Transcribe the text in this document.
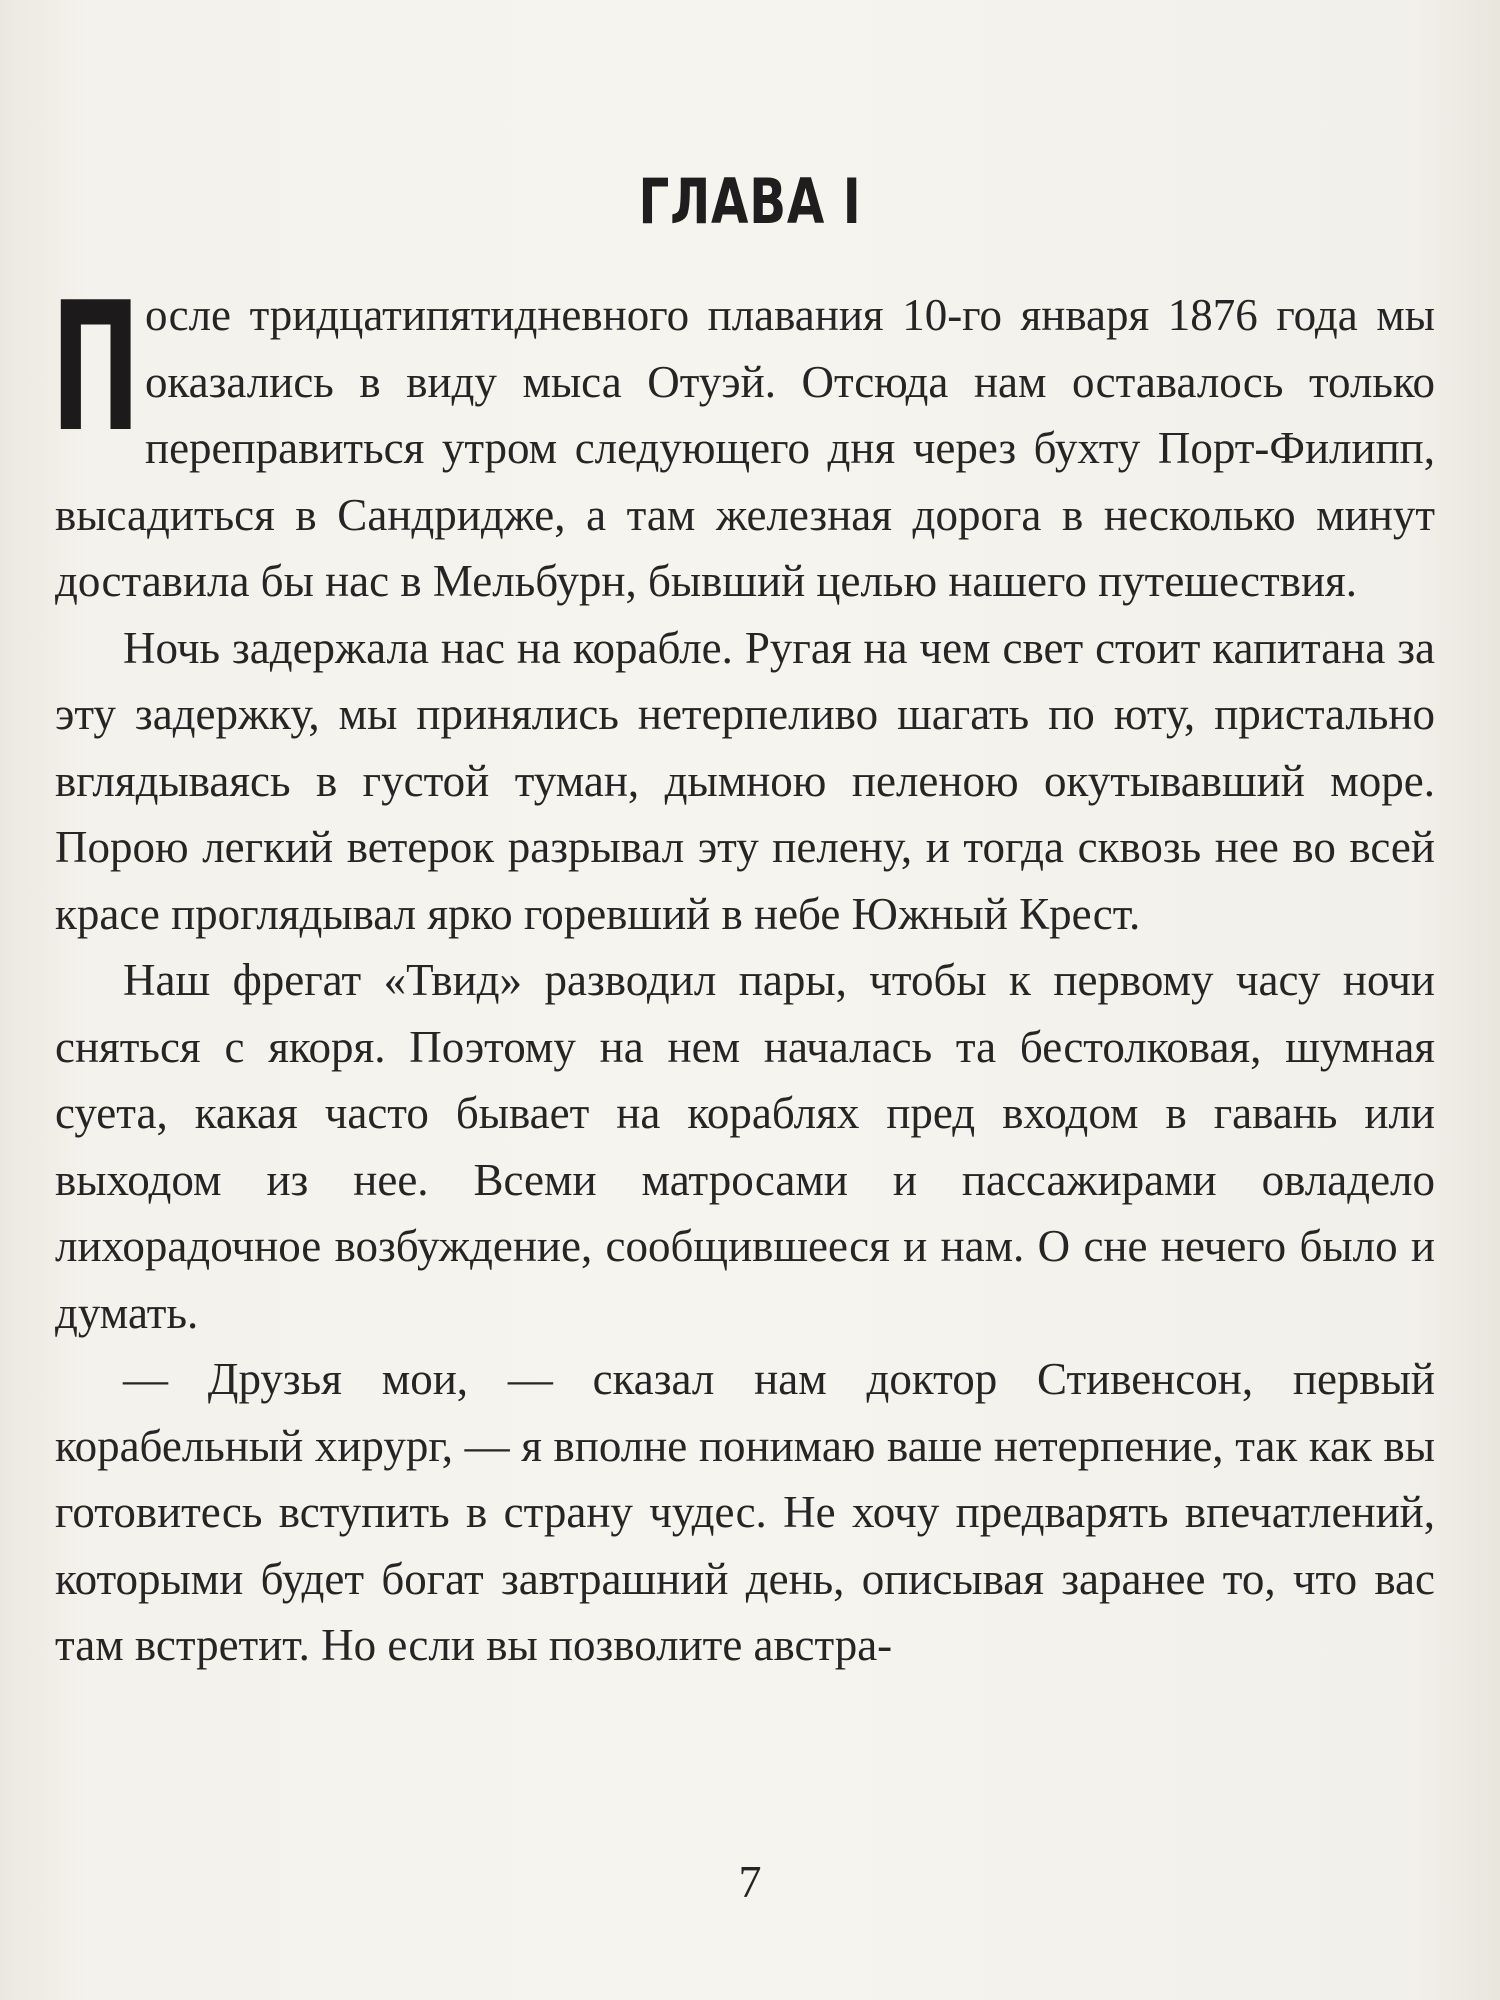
ГЛАВА I

После тридцатипятидневного плавания 10-го января 1876 года мы оказались в виду мыса Отуэй. Отсюда нам оставалось только переправиться утром следующего дня через бухту Порт-Филипп, высадиться в Сандридже, а там железная дорога в несколько минут доставила бы нас в Мельбурн, бывший целью нашего путешествия.

Ночь задержала нас на корабле. Ругая на чем свет стоит капитана за эту задержку, мы принялись нетерпеливо шагать по юту, пристально вглядываясь в густой туман, дымною пеленою окутывавший море. Порою легкий ветерок разрывал эту пелену, и тогда сквозь нее во всей красе проглядывал ярко горевший в небе Южный Крест.

Наш фрегат «Твид» разводил пары, чтобы к первому часу ночи сняться с якоря. Поэтому на нем началась та бестолковая, шумная суета, какая часто бывает на кораблях пред входом в гавань или выходом из нее. Всеми матросами и пассажирами овладело лихорадочное возбуждение, сообщившееся и нам. О сне нечего было и думать.

— Друзья мои, — сказал нам доктор Стивенсон, первый корабельный хирург, — я вполне понимаю ваше нетерпение, так как вы готовитесь вступить в страну чудес. Не хочу предварять впечатлений, которыми будет богат завтрашний день, описывая заранее то, что вас там встретит. Но если вы позволите австра-

7
